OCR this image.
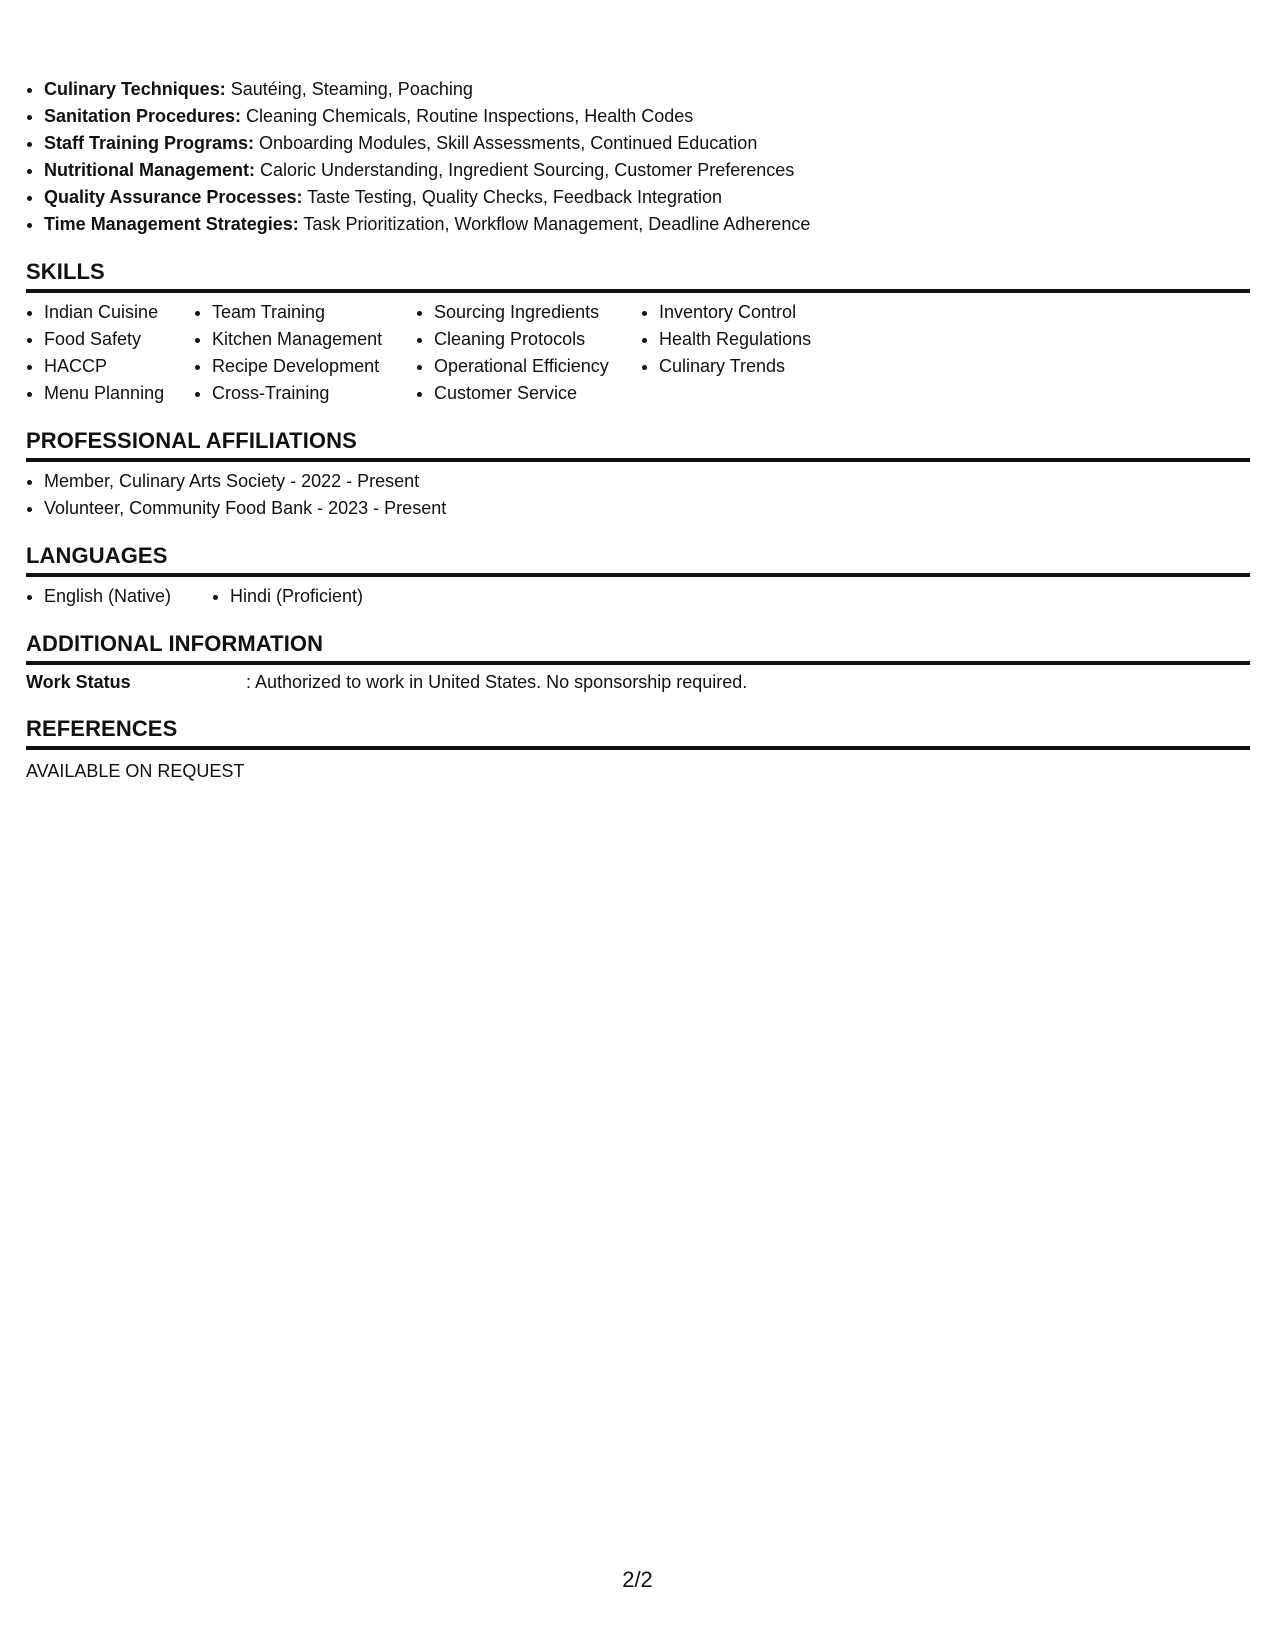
• Culinary Techniques: Sautéing, Steaming, Poaching
• Sanitation Procedures: Cleaning Chemicals, Routine Inspections, Health Codes
• Staff Training Programs: Onboarding Modules, Skill Assessments, Continued Education
• Nutritional Management: Caloric Understanding, Ingredient Sourcing, Customer Preferences
• Quality Assurance Processes: Taste Testing, Quality Checks, Feedback Integration
• Time Management Strategies: Task Prioritization, Workflow Management, Deadline Adherence
SKILLS
• Indian Cuisine
• Food Safety
• HACCP
• Menu Planning
• Team Training
• Kitchen Management
• Recipe Development
• Cross-Training
• Sourcing Ingredients
• Cleaning Protocols
• Operational Efficiency
• Customer Service
• Inventory Control
• Health Regulations
• Culinary Trends
PROFESSIONAL AFFILIATIONS
• Member, Culinary Arts Society - 2022 - Present
• Volunteer, Community Food Bank - 2023 - Present
LANGUAGES
• English (Native)
•	Hindi (Proficient)
ADDITIONAL INFORMATION
Work Status	: Authorized to work in United States. No sponsorship required.
REFERENCES
AVAILABLE ON REQUEST
2/2
